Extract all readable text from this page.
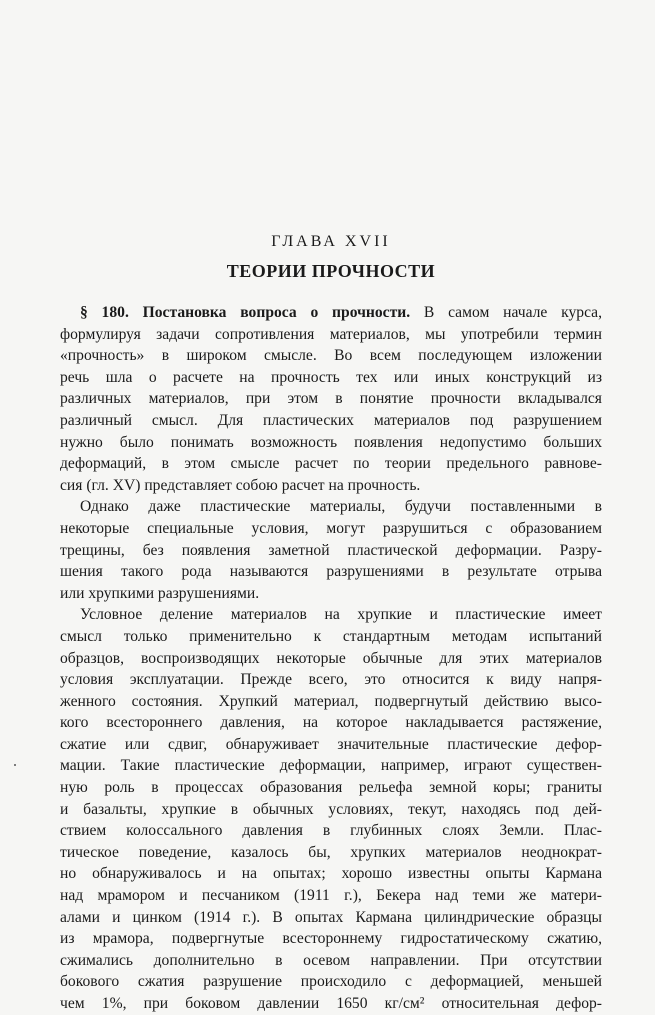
ГЛАВА XVII
ТЕОРИИ ПРОЧНОСТИ
§ 180. Постановка вопроса о прочности. В самом начале курса,
формулируя задачи сопротивления материалов, мы употребили термин
«прочность» в широком смысле. Во всем последующем изложении
речь шла о расчете на прочность тех или иных конструкций из
различных материалов, при этом в понятие прочности вкладывался
различный смысл. Для пластических материалов под разрушением
нужно было понимать возможность появления недопустимо больших
деформаций, в этом смысле расчет по теории предельного равнове-
сия (гл. XV) представляет собою расчет на прочность.
Однако даже пластические материалы, будучи поставленными в
некоторые специальные условия, могут разрушиться с образованием
трещины, без появления заметной пластической деформации. Разру-
шения такого рода называются разрушениями в результате отрыва
или хрупкими разрушениями.
Условное деление материалов на хрупкие и пластические имеет
смысл только применительно к стандартным методам испытаний
образцов, воспроизводящих некоторые обычные для этих материалов
условия эксплуатации. Прежде всего, это относится к виду напря-
женного состояния. Хрупкий материал, подвергнутый действию высо-
кого всестороннего давления, на которое накладывается растяжение,
сжатие или сдвиг, обнаруживает значительные пластические дефор-
мации. Такие пластические деформации, например, играют существен-
ную роль в процессах образования рельефа земной коры; граниты
и базальты, хрупкие в обычных условиях, текут, находясь под дей-
ствием колоссального давления в глубинных слоях Земли. Плас-
тическое поведение, казалось бы, хрупких материалов неоднократ-
но обнаруживалось и на опытах; хорошо известны опыты Кармана
над мрамором и песчаником (1911 г.), Бекера над теми же матери-
алами и цинком (1914 г.). В опытах Кармана цилиндрические образцы
из мрамора, подвергнутые всестороннему гидростатическому сжатию,
сжимались дополнительно в осевом направлении. При отсутствии
бокового сжатия разрушение происходило с деформацией, меньшей
чем 1%, при боковом давлении 1650 кг/см² относительная дефор-
